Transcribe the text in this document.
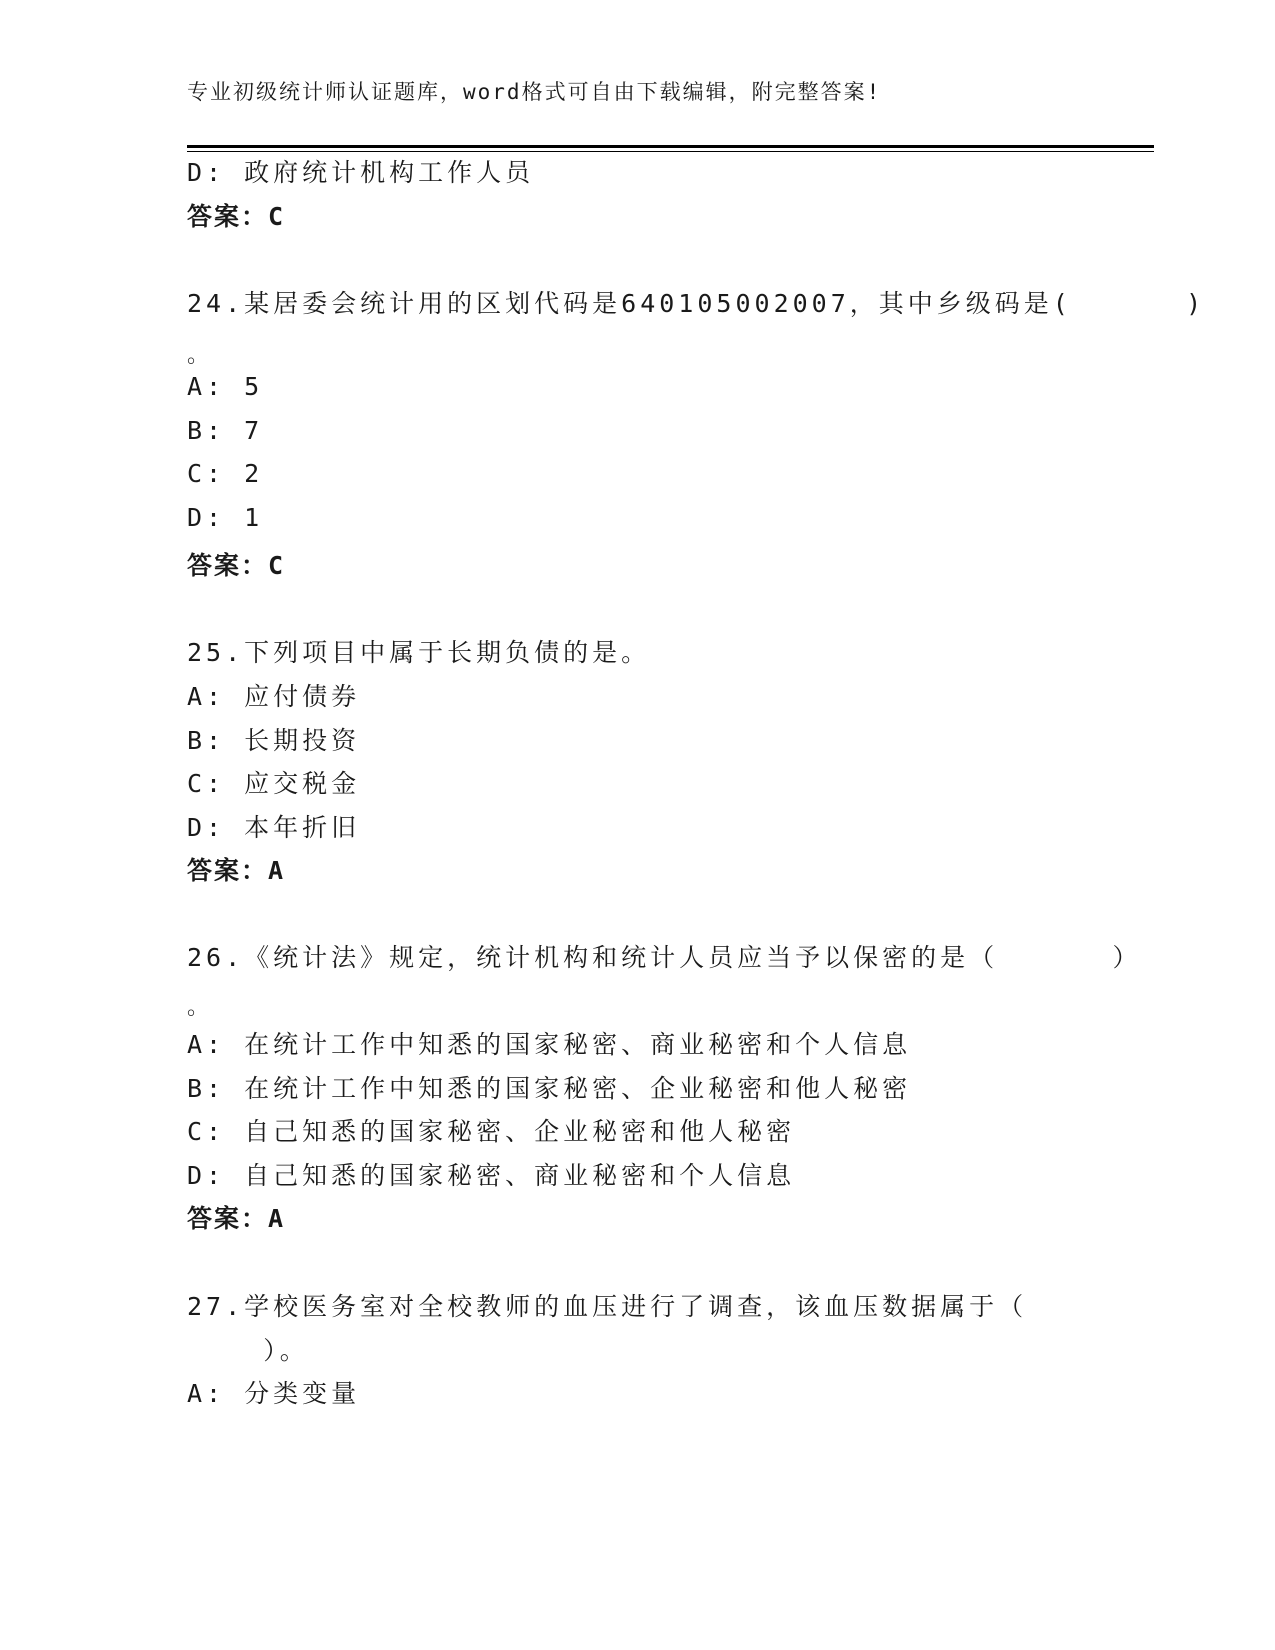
专业初级统计师认证题库，word格式可自由下载编辑，附完整答案!
D: 政府统计机构工作人员
答案：C
24.某居委会统计用的区划代码是640105002007，其中乡级码是(      )
。
A: 5
B: 7
C: 2
D: 1
答案：C
25.下列项目中属于长期负债的是。
A: 应付债券
B: 长期投资
C: 应交税金
D: 本年折旧
答案：A
26.《统计法》规定，统计机构和统计人员应当予以保密的是（      ）
。
A: 在统计工作中知悉的国家秘密、商业秘密和个人信息
B: 在统计工作中知悉的国家秘密、企业秘密和他人秘密
C: 自己知悉的国家秘密、企业秘密和他人秘密
D: 自己知悉的国家秘密、商业秘密和个人信息
答案：A
27.学校医务室对全校教师的血压进行了调查，该血压数据属于（
）。
A: 分类变量
